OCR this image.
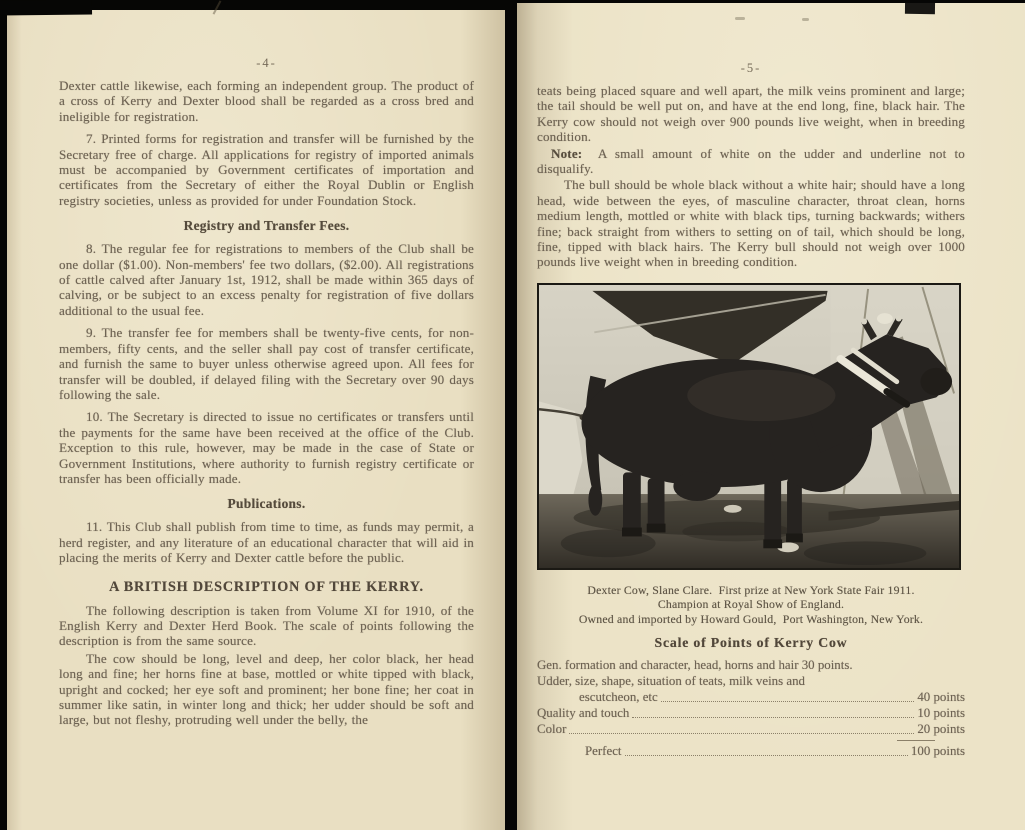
-4-

Dexter cattle likewise, each forming an independent group. The product of a cross of Kerry and Dexter blood shall be regarded as a cross bred and ineligible for registration.

7. Printed forms for registration and transfer will be furnished by the Secretary free of charge. All applications for registry of imported animals must be accompanied by Government certificates of importation and certificates from the Secretary of either the Royal Dublin or English registry societies, unless as provided for under Foundation Stock.

Registry and Transfer Fees.

8. The regular fee for registrations to members of the Club shall be one dollar ($1.00). Non-members' fee two dollars, ($2.00). All registrations of cattle calved after January 1st, 1912, shall be made within 365 days of calving, or be subject to an excess penalty for registration of five dollars additional to the usual fee.

9. The transfer fee for members shall be twenty-five cents, for non-members, fifty cents, and the seller shall pay cost of transfer certificate, and furnish the same to buyer unless otherwise agreed upon. All fees for transfer will be doubled, if delayed filing with the Secretary over 90 days following the sale.

10. The Secretary is directed to issue no certificates or transfers until the payments for the same have been received at the office of the Club. Exception to this rule, however, may be made in the case of State or Government Institutions, where authority to furnish registry certificate or transfer has been officially made.

Publications.

11. This Club shall publish from time to time, as funds may permit, a herd register, and any literature of an educational character that will aid in placing the merits of Kerry and Dexter cattle before the public.

A BRITISH DESCRIPTION OF THE KERRY.

The following description is taken from Volume XI for 1910, of the English Kerry and Dexter Herd Book. The scale of points following the description is from the same source.

The cow should be long, level and deep, her color black, her head long and fine; her horns fine at base, mottled or white tipped with black, upright and cocked; her eye soft and prominent; her bone fine; her coat in summer like satin, in winter long and thick; her udder should be soft and large, but not fleshy, protruding well under the belly, the

-5-

teats being placed square and well apart, the milk veins prominent and large; the tail should be well put on, and have at the end long, fine, black hair. The Kerry cow should not weigh over 900 pounds live weight, when in breeding condition.

Note: A small amount of white on the udder and underline not to disqualify.

The bull should be whole black without a white hair; should have a long head, wide between the eyes, of masculine character, throat clean, horns medium length, mottled or white with black tips, turning backwards; withers fine; back straight from withers to setting on of tail, which should be long, fine, tipped with black hairs. The Kerry bull should not weigh over 1000 pounds live weight when in breeding condition.

Dexter Cow, Slane Clare.  First prize at New York State Fair 1911.
Champion at Royal Show of England.
Owned and imported by Howard Gould,  Port Washington, New York.
Scale of Points of Kerry Cow
Gen. formation and character, head, horns and hair 30 points.
Udder, size, shape, situation of teats, milk veins and
escutcheon, etc	40 points
Quality and touch	10 points
Color	20 points
Perfect	100 points
